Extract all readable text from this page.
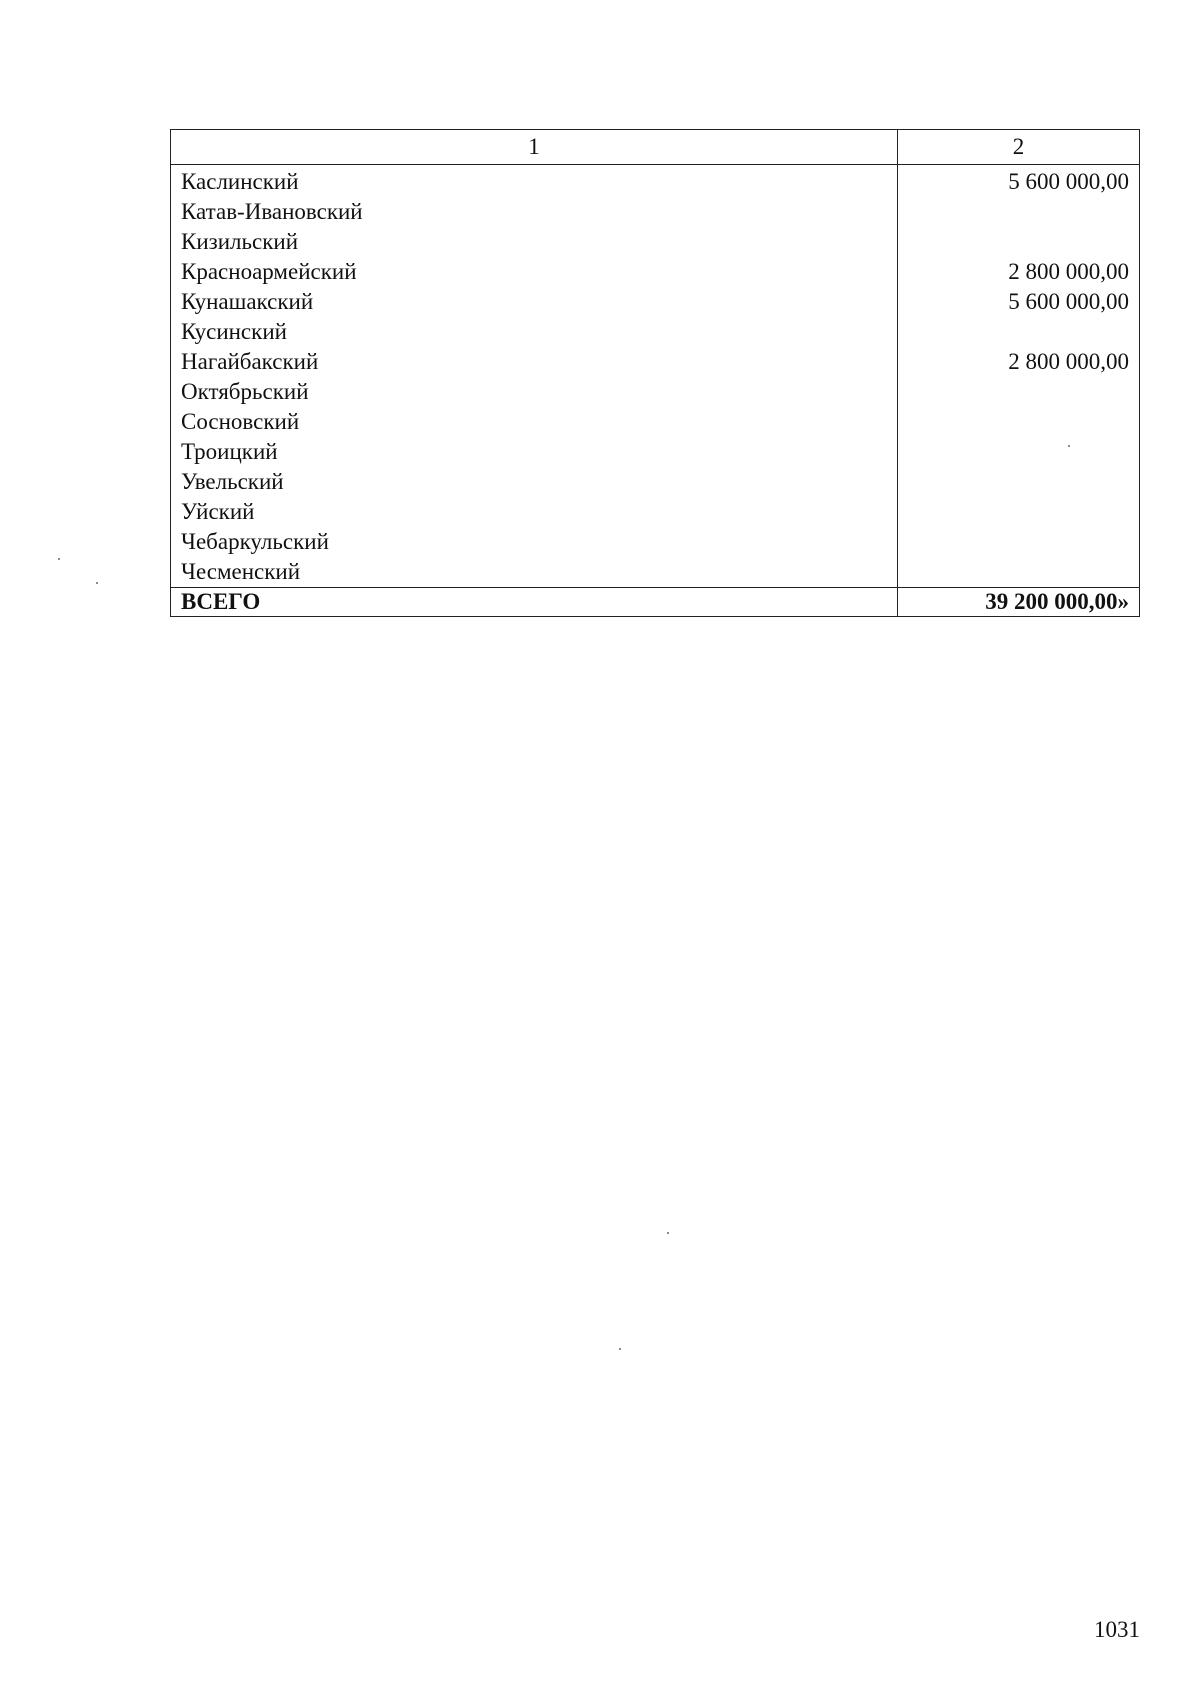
1	2
Каслинский	5 600 000,00
Катав-Ивановский	
Кизильский	
Красноармейский	2 800 000,00
Кунашакский	5 600 000,00
Кусинский	
Нагайбакский	2 800 000,00
Октябрьский	
Сосновский	
Троицкий	
Увельский	
Уйский	
Чебаркульский	
Чесменский	
ВСЕГО	39 200 000,00»
1031
